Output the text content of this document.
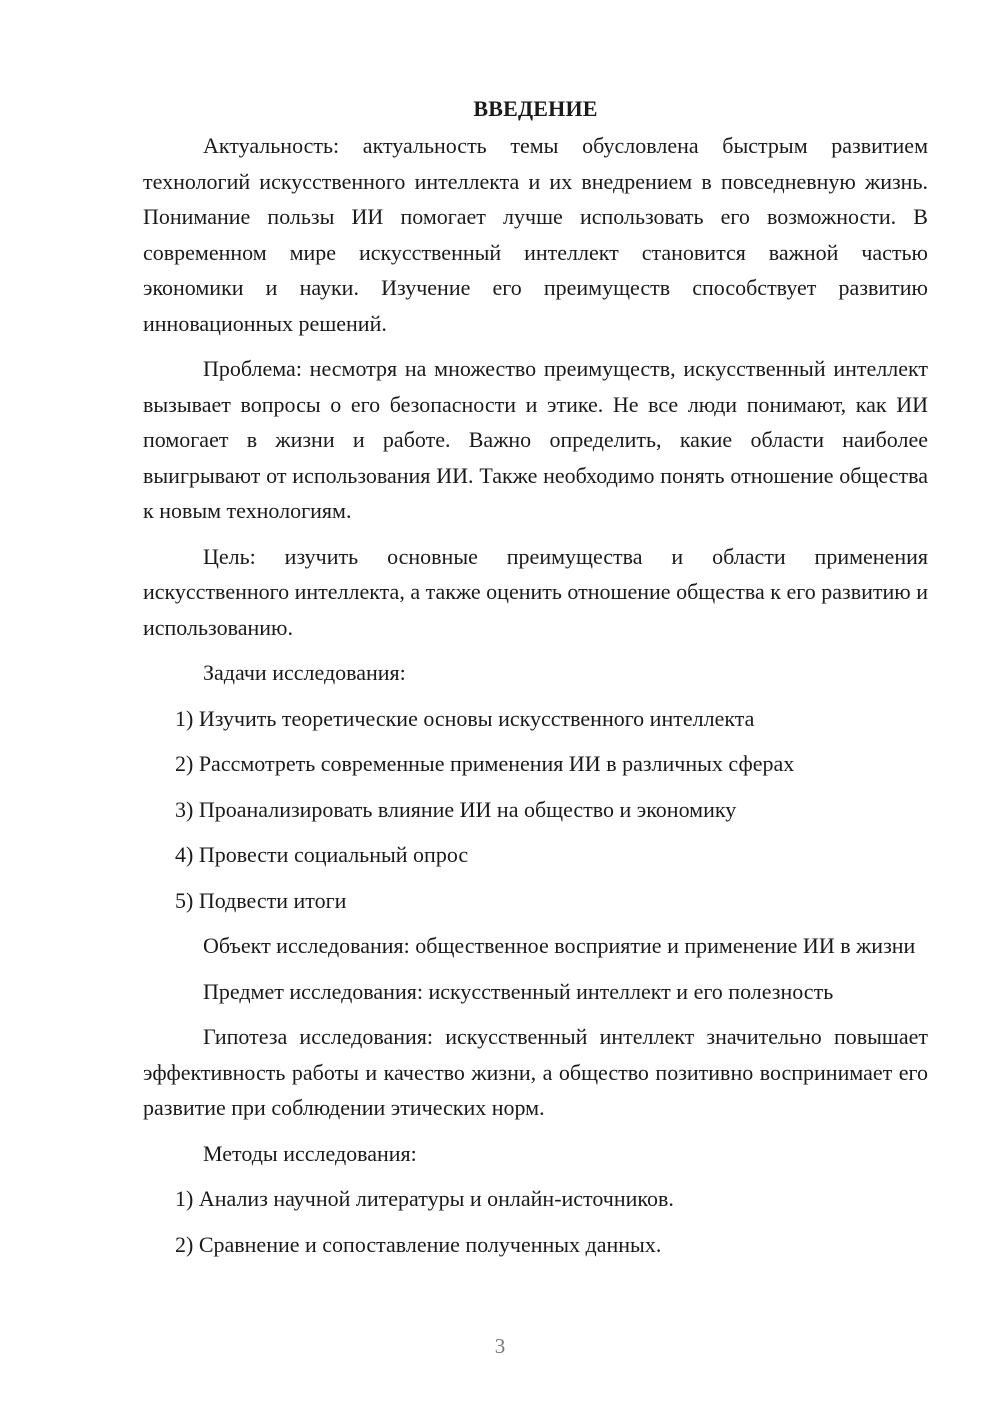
ВВЕДЕНИЕ

Актуальность: актуальность темы обусловлена быстрым развитием технологий искусственного интеллекта и их внедрением в повседневную жизнь. Понимание пользы ИИ помогает лучше использовать его возможности. В современном мире искусственный интеллект становится важной частью экономики и науки. Изучение его преимуществ способствует развитию инновационных решений.

Проблема: несмотря на множество преимуществ, искусственный интеллект вызывает вопросы о его безопасности и этике. Не все люди понимают, как ИИ помогает в жизни и работе. Важно определить, какие области наиболее выигрывают от использования ИИ. Также необходимо понять отношение общества к новым технологиям.

Цель: изучить основные преимущества и области применения искусственного интеллекта, а также оценить отношение общества к его развитию и использованию.

Задачи исследования:

1) Изучить теоретические основы искусственного интеллекта
2) Рассмотреть современные применения ИИ в различных сферах
3) Проанализировать влияние ИИ на общество и экономику
4) Провести социальный опрос
5) Подвести итоги

Объект исследования: общественное восприятие и применение ИИ в жизни

Предмет исследования: искусственный интеллект и его полезность

Гипотеза исследования: искусственный интеллект значительно повышает эффективность работы и качество жизни, а общество позитивно воспринимает его развитие при соблюдении этических норм.

Методы исследования:

1) Анализ научной литературы и онлайн-источников.
2) Сравнение и сопоставление полученных данных.
3
